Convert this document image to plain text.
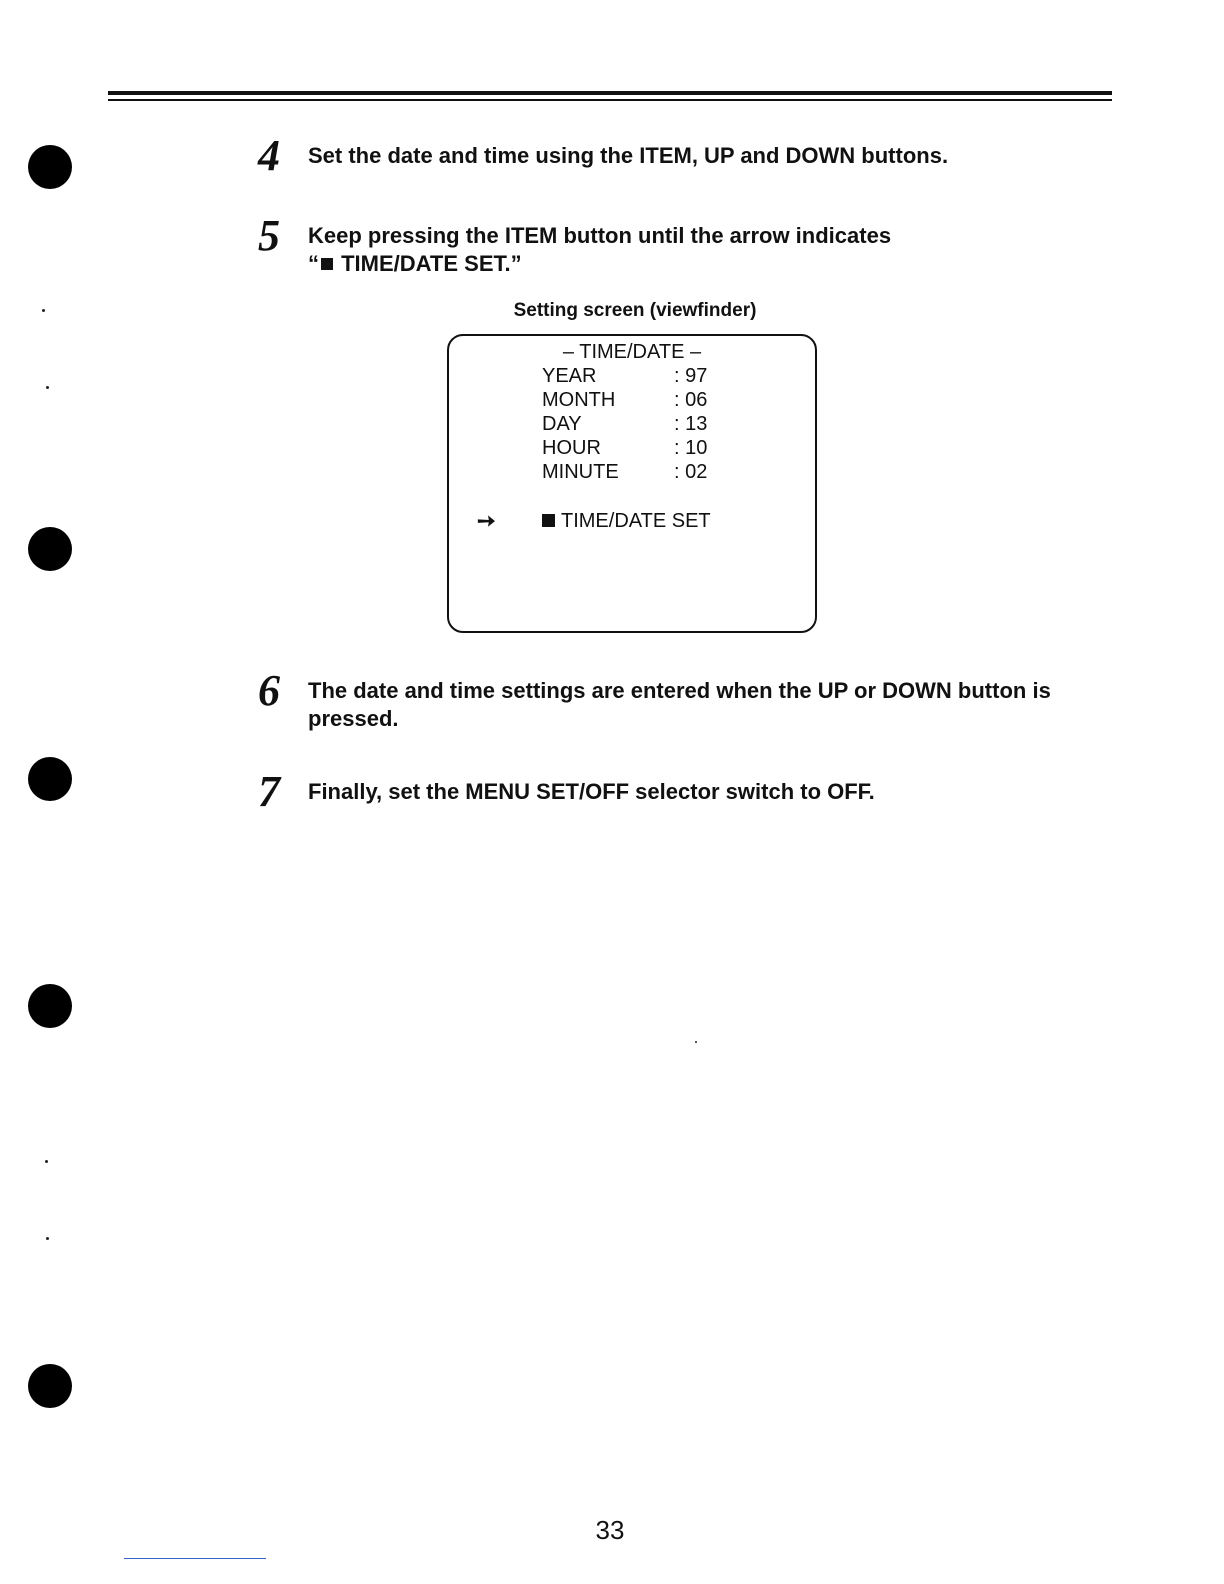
4 Set the date and time using the ITEM, UP and DOWN buttons.
5 Keep pressing the ITEM button until the arrow indicates
“ TIME/DATE SET.”
Setting screen (viewfinder)
– TIME/DATE –
YEAR	: 97
MONTH	: 06
DAY	: 13
HOUR	: 10
MINUTE	: 02
➙	TIME/DATE SET
6 The date and time settings are entered when the UP or DOWN button is pressed.
7 Finally, set the MENU SET/OFF selector switch to OFF.
33
